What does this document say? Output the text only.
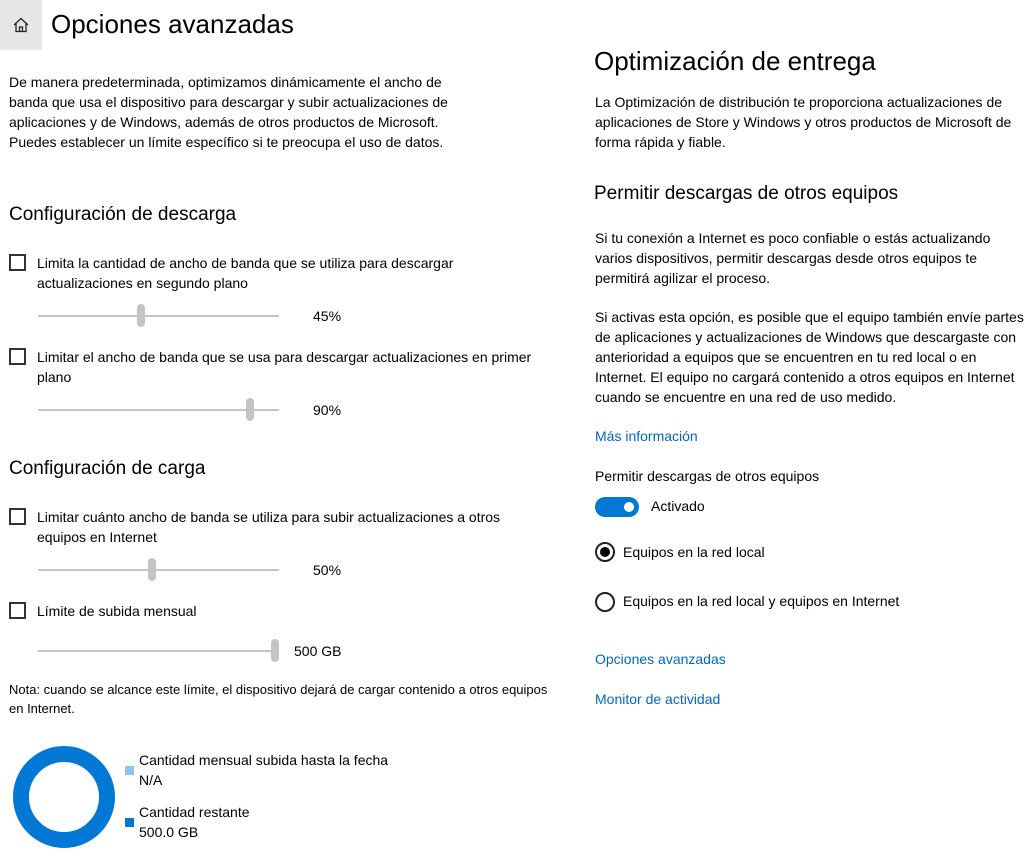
Opciones avanzadas
De manera predeterminada, optimizamos dinámicamente el ancho de banda que usa el dispositivo para descargar y subir actualizaciones de aplicaciones y de Windows, además de otros productos de Microsoft. Puedes establecer un límite específico si te preocupa el uso de datos.
Configuración de descarga
Limita la cantidad de ancho de banda que se utiliza para descargar actualizaciones en segundo plano
45%
Limitar el ancho de banda que se usa para descargar actualizaciones en primer plano
90%
Configuración de carga
Limitar cuánto ancho de banda se utiliza para subir actualizaciones a otros equipos en Internet
50%
Límite de subida mensual
500 GB
Nota: cuando se alcance este límite, el dispositivo dejará de cargar contenido a otros equipos en Internet.
Cantidad mensual subida hasta la fecha
N/A
Cantidad restante
500.0 GB
Optimización de entrega
La Optimización de distribución te proporciona actualizaciones de aplicaciones de Store y Windows y otros productos de Microsoft de forma rápida y fiable.
Permitir descargas de otros equipos
Si tu conexión a Internet es poco confiable o estás actualizando varios dispositivos, permitir descargas desde otros equipos te permitirá agilizar el proceso.
Si activas esta opción, es posible que el equipo también envíe partes de aplicaciones y actualizaciones de Windows que descargaste con anterioridad a equipos que se encuentren en tu red local o en Internet. El equipo no cargará contenido a otros equipos en Internet cuando se encuentre en una red de uso medido.
Más información
Permitir descargas de otros equipos
Activado
Equipos en la red local
Equipos en la red local y equipos en Internet
Opciones avanzadas
Monitor de actividad
